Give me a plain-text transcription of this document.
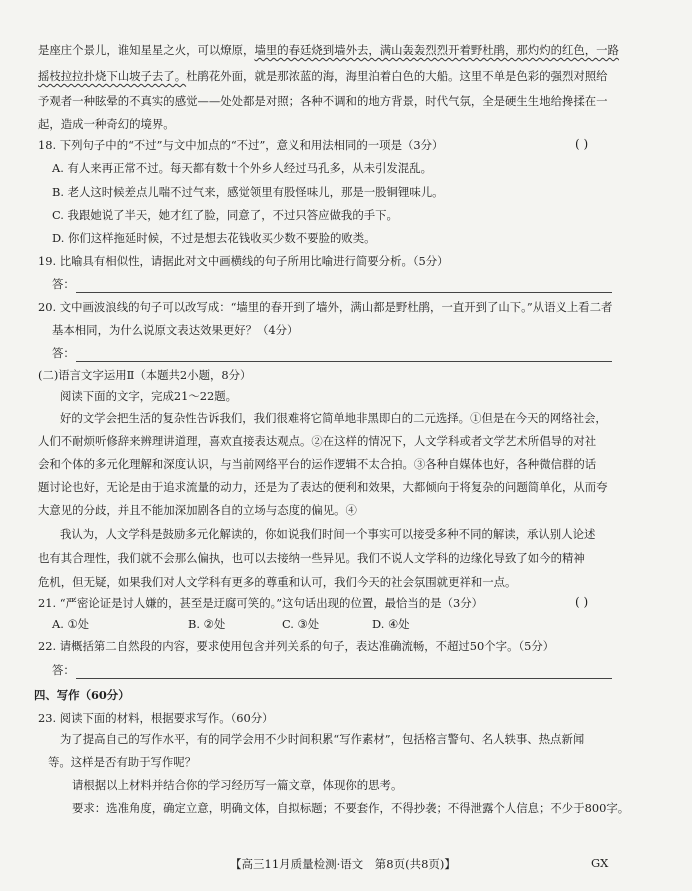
是座庄个景儿，谁知星星之火，可以燎原，墙里的春廷烧到墙外去，满山轰轰烈烈开着野杜鹃，那灼灼的红色，一路
摇枝拉拉扑烧下山坡子去了。杜鹃花外面，就是那浓蓝的海，海里泊着白色的大船。这里不单是色彩的强烈对照给
予观者一种眩晕的不真实的感觉——处处都是对照；各种不调和的地方背景，时代气氛，全是硬生生地给搀揉在一
起，造成一种奇幻的境界。
18. 下列句子中的“不过”与文中加点的“不过”，意义和用法相同的一项是（3分）	( )
A. 有人来再正常不过。每天都有数十个外乡人经过马孔多，从未引发混乱。
B. 老人这时候差点儿喘不过气来，感觉领里有股怪味儿，那是一股铜锂味儿。
C. 我跟她说了半天，她才红了脸，同意了，不过只答应做我的手下。
D. 你们这样拖延时候，不过是想去花钱收买少数不要脸的败类。
19. 比喻具有相似性，请据此对文中画横线的句子所用比喻进行简要分析。（5分）
答：
20. 文中画波浪线的句子可以改写成：“墙里的春开到了墙外，满山都是野杜鹃，一直开到了山下。”从语义上看二者
基本相同，为什么说原文表达效果更好？（4分）
答：
(二)语言文字运用Ⅱ（本题共2小题，8分）
阅读下面的文字，完成21～22题。
好的文学会把生活的复杂性告诉我们，我们很难将它简单地非黑即白的二元选择。①但是在今天的网络社会，
人们不耐烦听修辞来辨理讲道理，喜欢直接表达观点。②在这样的情况下，人文学科或者文学艺术所倡导的对社
会和个体的多元化理解和深度认识，与当前网络平台的运作逻辑不太合拍。③各种自媒体也好，各种微信群的话
题讨论也好，无论是由于追求流量的动力，还是为了表达的便利和效果，大都倾向于将复杂的问题简单化，从而夸
大意见的分歧，并且不能加深加剧各自的立场与态度的偏见。④
我认为，人文学科是鼓励多元化解读的，你如说我们时间一个事实可以接受多种不同的解读，承认别人论述
也有其合理性，我们就不会那么偏执，也可以去接纳一些异见。我们不说人文学科的边缘化导致了如今的精神
危机，但无疑，如果我们对人文学科有更多的尊重和认可，我们今天的社会氛围就更祥和一点。
21. “严密论证是讨人嫌的，甚至是迂腐可笑的。”这句话出现的位置，最恰当的是（3分）	( )
A. ①处	B. ②处	C. ③处	D. ④处
22. 请概括第二自然段的内容，要求使用包含并列关系的句子，表达准确流畅，不超过50个字。（5分）
答：
四、写作（60分）
23. 阅读下面的材料，根据要求写作。（60分）
为了提高自己的写作水平，有的同学会用不少时间积累“写作素材”，包括格言警句、名人轶事、热点新闻
等。这样是否有助于写作呢？
请根据以上材料并结合你的学习经历写一篇文章，体现你的思考。
要求：选准角度，确定立意，明确文体，自拟标题；不要套作，不得抄袭；不得泄露个人信息；不少于800字。
【高三11月质量检测·语文　第8页(共8页)】	GX
